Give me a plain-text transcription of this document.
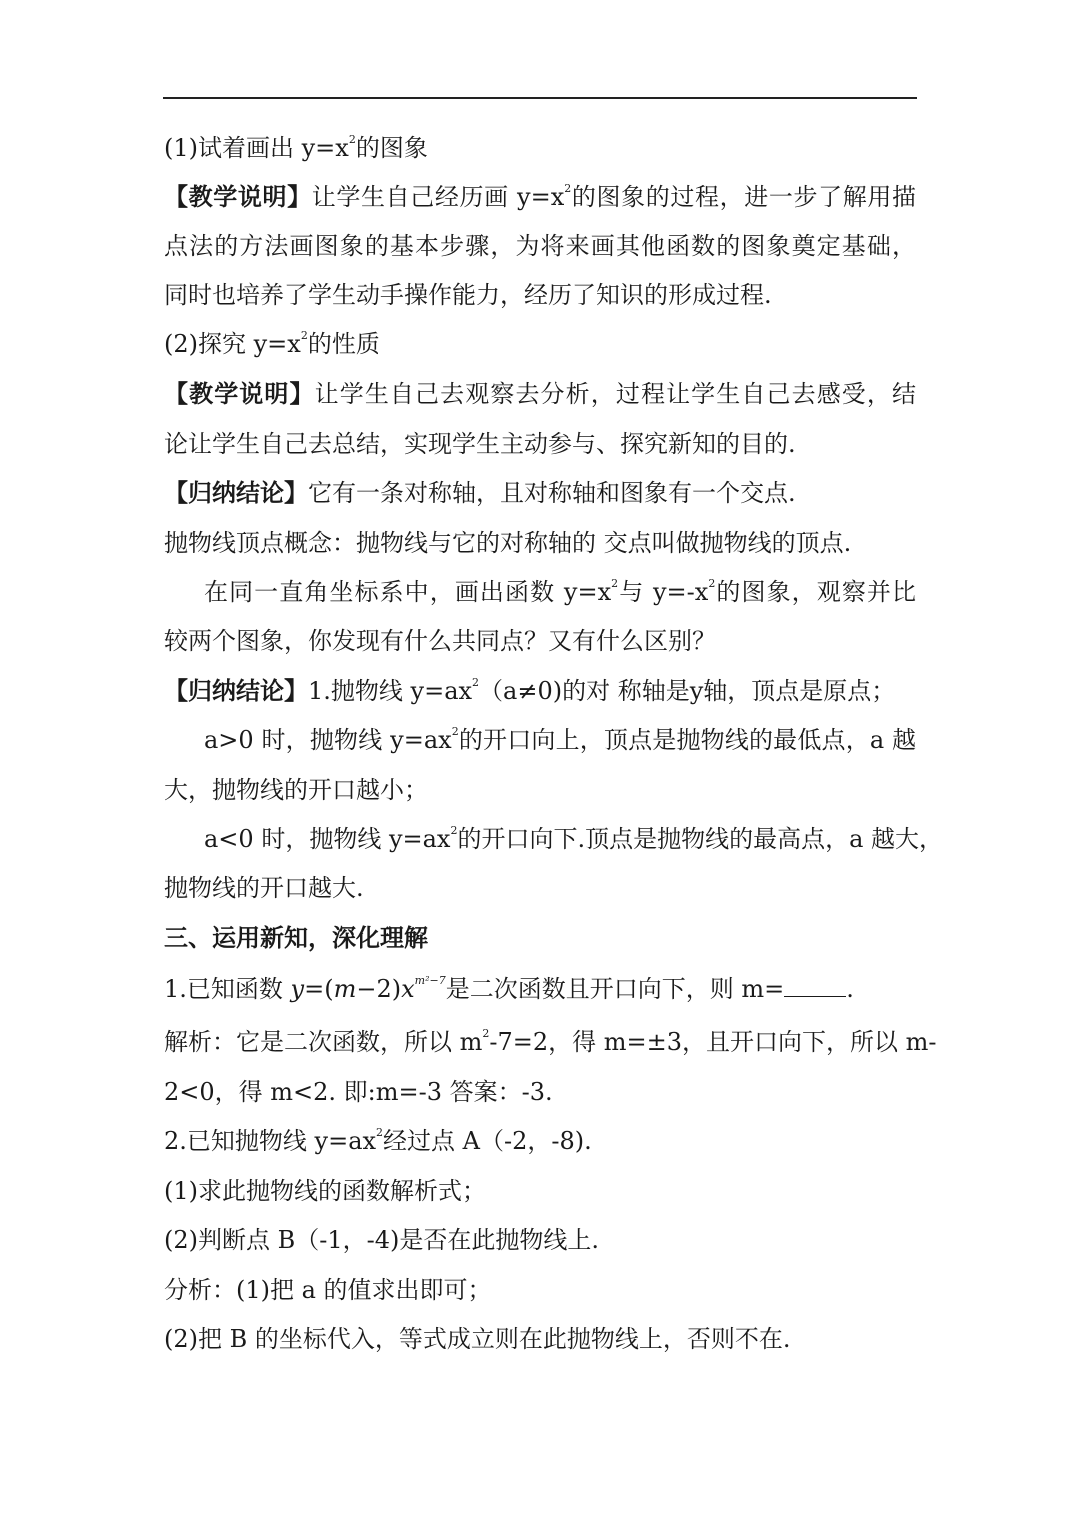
(1)试着画出 $y=x^2$的图象
【教学说明】让学生自己经历画 $y=x^2$的图象的过程，进一步了解用描
点法的方法画图象的基本步骤，为将来画其他函数的图象奠定基础，
同时也培养了学生动手操作能力，经历了知识的形成过程.
(2)探究 $y=x^2$的性质
【教学说明】让学生自己去观察去分析，过程让学生自己去感受，结
论让学生自己去总结，实现学生主动参与、探究新知的目的.
【归纳结论】它有一条对称轴，且对称轴和图象有一个交点.
抛物线顶点概念：抛物线与它的对称轴的 交点叫做抛物线的顶点.
在同一直角坐标系中，画出函数 $y=x^2$与 $y=-x^2$的图象，观察并比
较两个图象，你发现有什么共同点？又有什么区别？
【归纳结论】1.抛物线 $y=ax^2(a\ne 0)$的对 称轴是y轴，顶点是原点；
a>0 时，抛物线 $y=ax^2$的开口向上，顶点是抛物线的最低点，a 越
大，抛物线的开口越小；
a<0 时，抛物线 $y=ax^2$的开口向下.顶点是抛物线的最高点，a 越大，
抛物线的开口越大.
三、运用新知，深化理解
1.已知函数 $y=(m-2)x^{m^2-7}$是二次函数且开口向下，则 m=	.
解析：它是二次函数，所以 $m^2-7=2$，得 m=±3，且开口向下，所以 m-
2<0，得 m<2. 即:m=-3 答案：-3.
2.已知抛物线 $y=ax^2$经过点 A（-2，-8).
(1)求此抛物线的函数解析式；
(2)判断点 B（-1，-4)是否在此抛物线上.
分析：(1)把 a 的值求出即可；
(2)把 B 的坐标代入，等式成立则在此抛物线上，否则不在.
